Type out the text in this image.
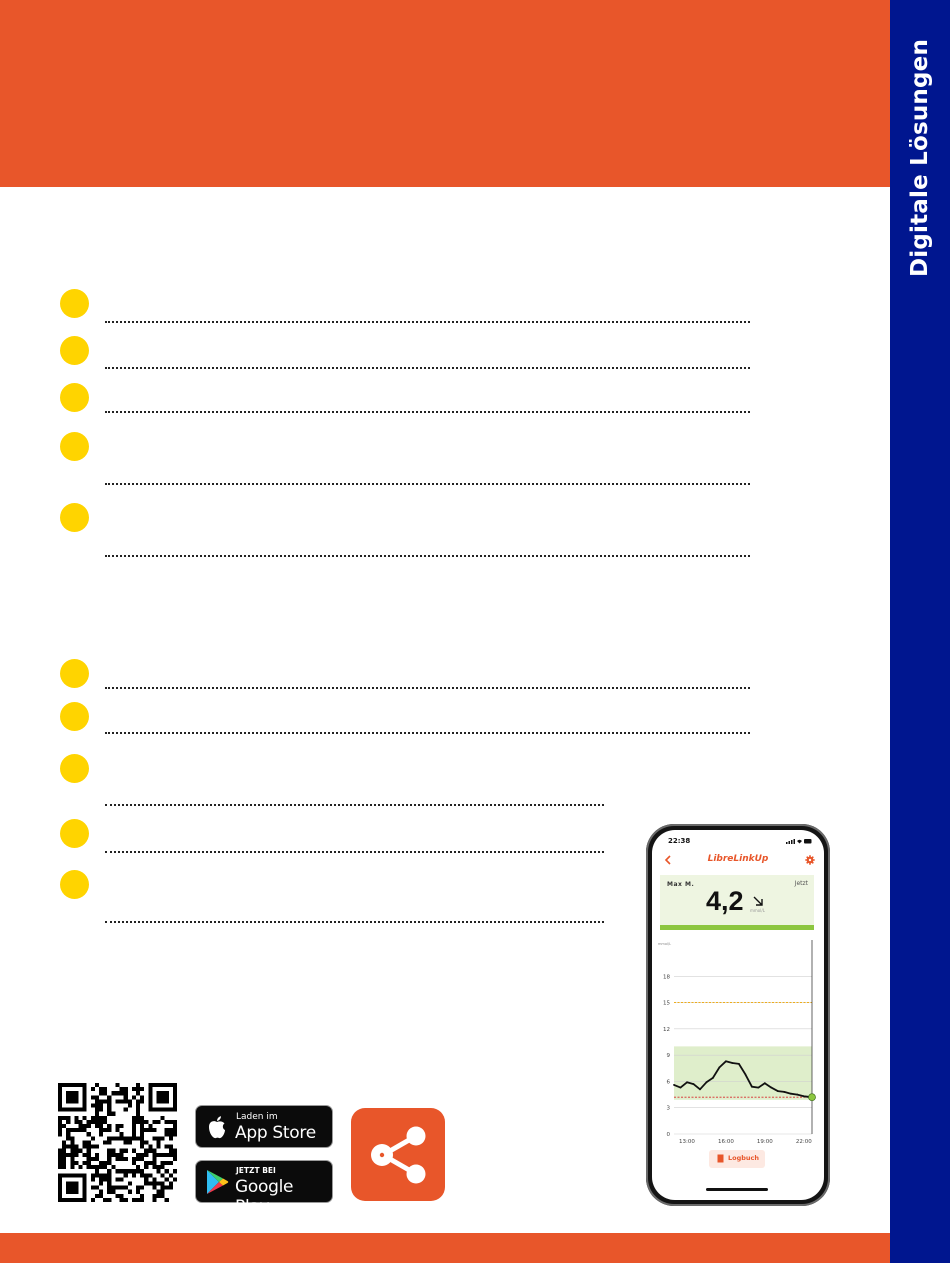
Digitale Lösungen
Laden im
App Store
JETZT BEI
Google Play
22:38
LibreLinkUp
Max M.	Jetzt
4,2 mmol/L
mmol/L
0
3
6
9
12
15
18
13:00	16:00	19:00	22:00
Logbuch
